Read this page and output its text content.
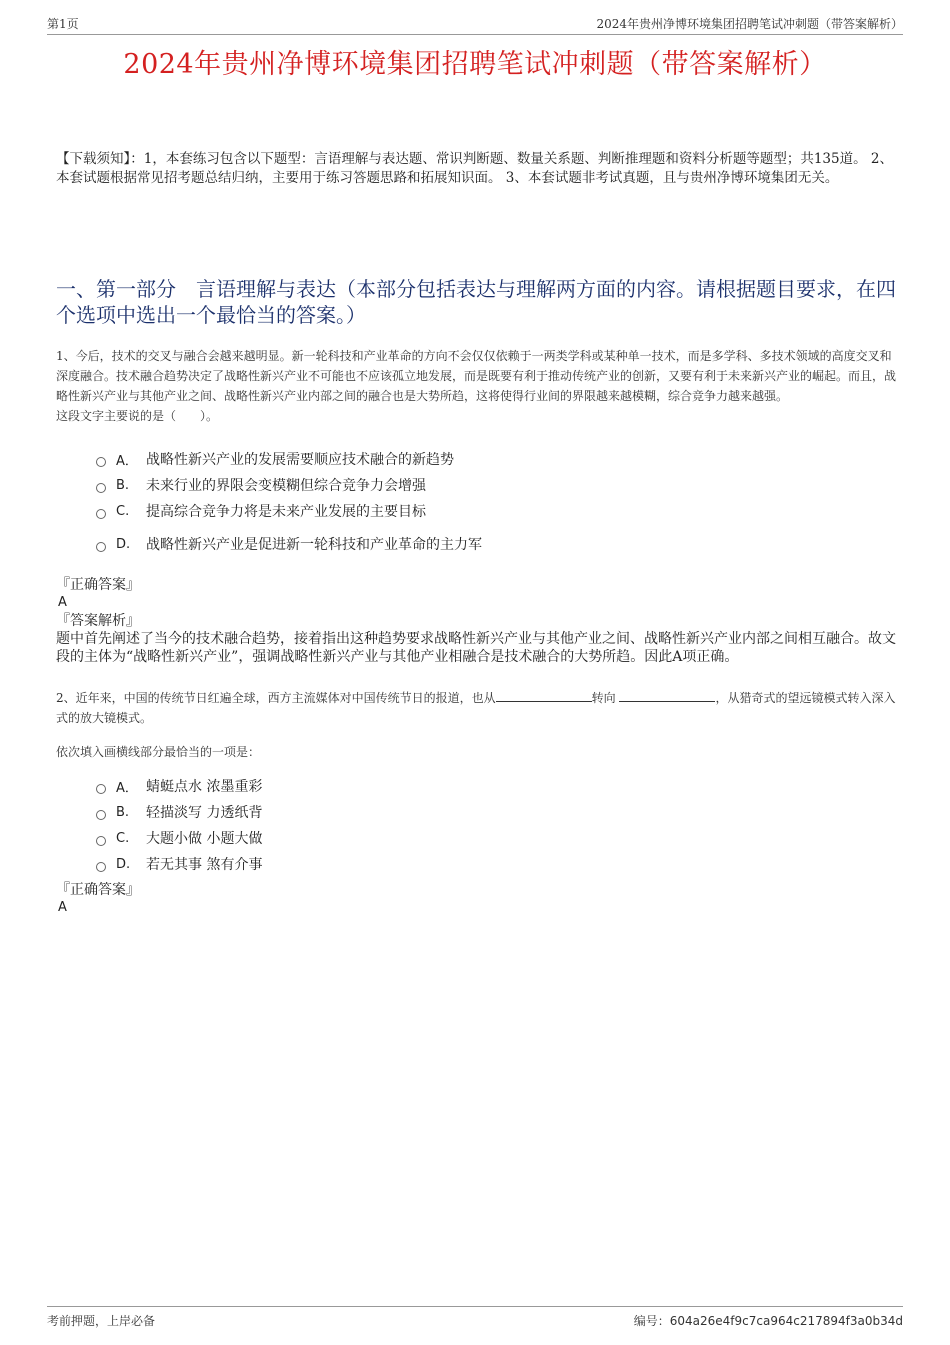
第1页	2024年贵州净博环境集团招聘笔试冲刺题（带答案解析）
2024年贵州净博环境集团招聘笔试冲刺题（带答案解析）
【下载须知】：1，本套练习包含以下题型：言语理解与表达题、常识判断题、数量关系题、判断推理题和资料分析题等题型；共135道。 2、本套试题根据常见招考题总结归纳，主要用于练习答题思路和拓展知识面。 3、本套试题非考试真题，且与贵州净博环境集团无关。
一、第一部分　言语理解与表达（本部分包括表达与理解两方面的内容。请根据题目要求，在四个选项中选出一个最恰当的答案。）

1、今后，技术的交叉与融合会越来越明显。新一轮科技和产业革命的方向不会仅仅依赖于一两类学科或某种单一技术，而是多学科、多技术领域的高度交叉和深度融合。技术融合趋势决定了战略性新兴产业不可能也不应该孤立地发展，而是既要有利于推动传统产业的创新，又要有利于未来新兴产业的崛起。而且，战略性新兴产业与其他产业之间、战略性新兴产业内部之间的融合也是大势所趋，这将使得行业间的界限越来越模糊，综合竞争力越来越强。

这段文字主要说的是（　　）。

A． 战略性新兴产业的发展需要顺应技术融合的新趋势
B.	未来行业的界限会变模糊但综合竞争力会增强
C.	提高综合竞争力将是未来产业发展的主要目标
D.	战略性新兴产业是促进新一轮科技和产业革命的主力军
『正确答案』
A
『答案解析』
题中首先阐述了当今的技术融合趋势，接着指出这种趋势要求战略性新兴产业与其他产业之间、战略性新兴产业内部之间相互融合。故文段的主体为“战略性新兴产业”，强调战略性新兴产业与其他产业相融合是技术融合的大势所趋。因此A项正确。

2、近年来，中国的传统节日红遍全球，西方主流媒体对中国传统节日的报道，也从	转向	，从猎奇式的望远镜模式转入深入式的放大镜模式。

依次填入画横线部分最恰当的一项是：

A． 蜻蜓点水 浓墨重彩
B.	轻描淡写 力透纸背
C.	大题小做 小题大做
D.	若无其事 煞有介事
『正确答案』
A
考前押题，上岸必备	编号：604a26e4f9c7ca964c217894f3a0b34d
